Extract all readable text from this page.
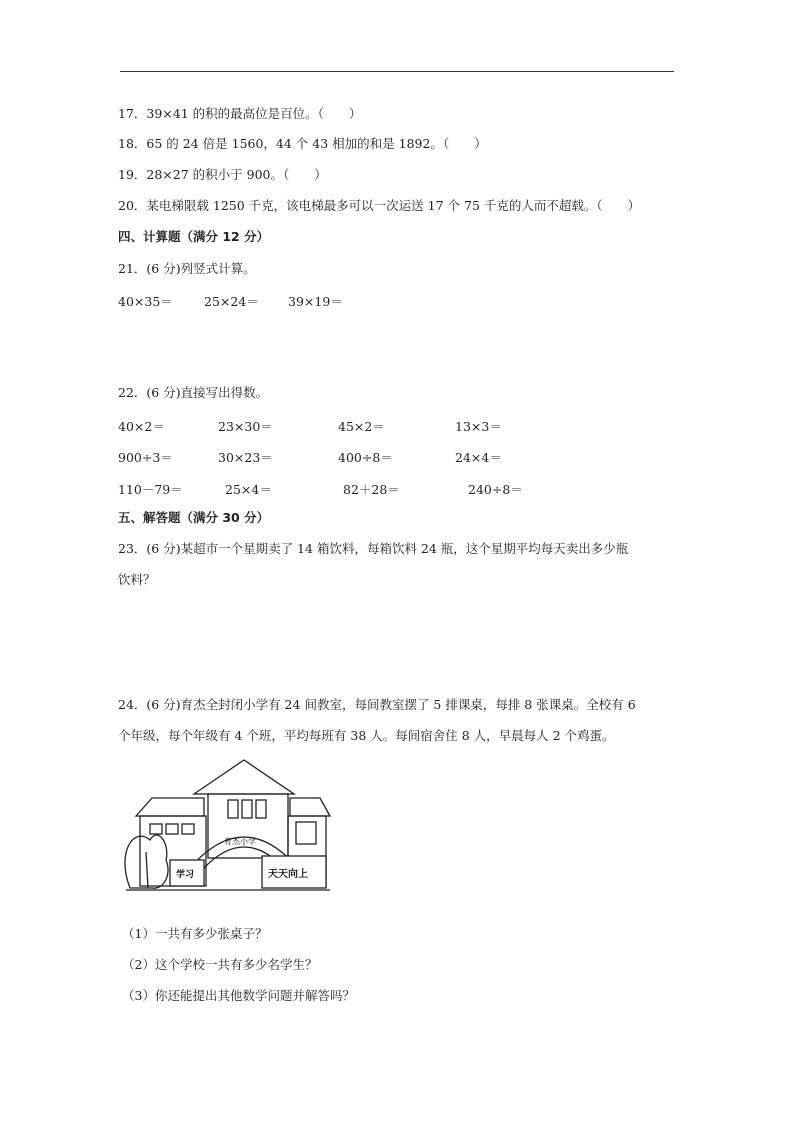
17．39×41 的积的最高位是百位。（　　）
18．65 的 24 倍是 1560，44 个 43 相加的和是 1892。（　　）
19．28×27 的积小于 900。（　　）
20．某电梯限载 1250 千克，该电梯最多可以一次运送 17 个 75 千克的人而不超载。（　　）
四、计算题（满分 12 分）
21．(6 分)列竖式计算。
40×35＝ 25×24＝ 39×19＝
22．(6 分)直接写出得数。
40×2＝	23×30＝	45×2＝	13×3＝
900÷3＝	30×23＝	400÷8＝	24×4＝
110－79＝	25×4＝	82＋28＝	240÷8＝
五、解答题（满分 30 分）
23．(6 分)某超市一个星期卖了 14 箱饮料，每箱饮料 24 瓶，这个星期平均每天卖出多少瓶
饮料？
24．(6 分)育杰全封闭小学有 24 间教室，每间教室摆了 5 排课桌，每排 8 张课桌。全校有 6
个年级，每个年级有 4 个班，平均每班有 38 人。每间宿舍住 8 人，早晨每人 2 个鸡蛋。
育杰小学
学习	天天向上
（1）一共有多少张桌子？
（2）这个学校一共有多少名学生？
（3）你还能提出其他数学问题并解答吗？
